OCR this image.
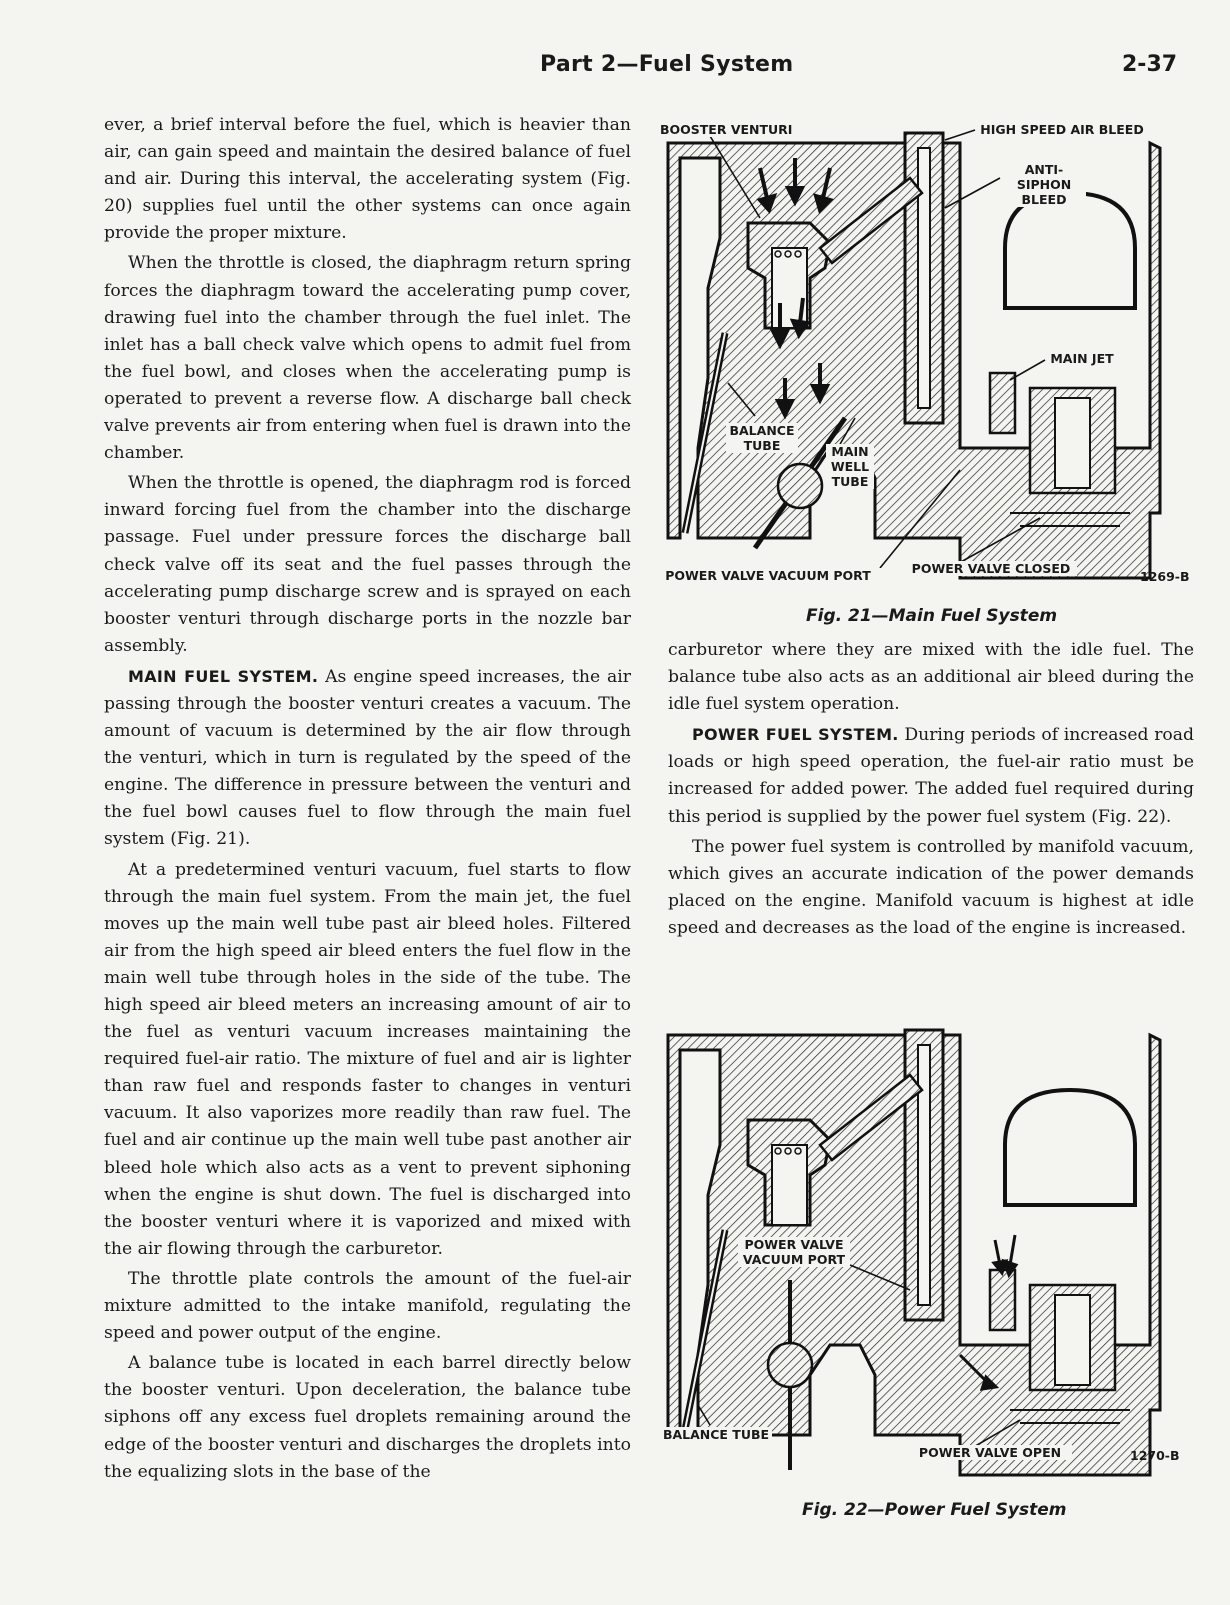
Part 2—Fuel System	2-37

ever, a brief interval before the fuel, which is heavier than air, can gain speed and maintain the desired balance of fuel and air. During this interval, the accelerating system (Fig. 20) supplies fuel until the other systems can once again provide the proper mixture.

When the throttle is closed, the diaphragm return spring forces the diaphragm toward the accelerating pump cover, drawing fuel into the chamber through the fuel inlet. The inlet has a ball check valve which opens to admit fuel from the fuel bowl, and closes when the accelerating pump is operated to prevent a reverse flow. A discharge ball check valve prevents air from entering when fuel is drawn into the chamber.

When the throttle is opened, the diaphragm rod is forced inward forcing fuel from the chamber into the discharge passage. Fuel under pressure forces the discharge ball check valve off its seat and the fuel passes through the accelerating pump discharge screw and is sprayed on each booster venturi through discharge ports in the nozzle bar assembly.

MAIN FUEL SYSTEM. As engine speed increases, the air passing through the booster venturi creates a vacuum. The amount of vacuum is determined by the air flow through the venturi, which in turn is regulated by the speed of the engine. The difference in pressure between the venturi and the fuel bowl causes fuel to flow through the main fuel system (Fig. 21).

At a predetermined venturi vacuum, fuel starts to flow through the main fuel system. From the main jet, the fuel moves up the main well tube past air bleed holes. Filtered air from the high speed air bleed enters the fuel flow in the main well tube through holes in the side of the tube. The high speed air bleed meters an increasing amount of air to the fuel as venturi vacuum increases maintaining the required fuel-air ratio. The mixture of fuel and air is lighter than raw fuel and responds faster to changes in venturi vacuum. It also vaporizes more readily than raw fuel. The fuel and air continue up the main well tube past another air bleed hole which also acts as a vent to prevent siphoning when the engine is shut down. The fuel is discharged into the booster venturi where it is vaporized and mixed with the air flowing through the carburetor.

The throttle plate controls the amount of the fuel-air mixture admitted to the intake manifold, regulating the speed and power output of the engine.

A balance tube is located in each barrel directly below the booster venturi. Upon deceleration, the balance tube siphons off any excess fuel droplets remaining around the edge of the booster venturi and discharges the droplets into the equalizing slots in the base of the

BOOSTER VENTURI	HIGH SPEED AIR BLEED
ANTI-SIPHON BLEED
MAIN JET
BALANCE TUBE	MAIN WELL TUBE
POWER VALVE VACUUM PORT	POWER VALVE CLOSED
1269-B
Fig. 21—Main Fuel System

carburetor where they are mixed with the idle fuel. The balance tube also acts as an additional air bleed during the idle fuel system operation.

POWER FUEL SYSTEM. During periods of increased road loads or high speed operation, the fuel-air ratio must be increased for added power. The added fuel required during this period is supplied by the power fuel system (Fig. 22).

The power fuel system is controlled by manifold vacuum, which gives an accurate indication of the power demands placed on the engine. Manifold vacuum is highest at idle speed and decreases as the load of the engine is increased.

POWER VALVE VACUUM PORT
BALANCE TUBE
POWER VALVE OPEN	1270-B
Fig. 22—Power Fuel System
